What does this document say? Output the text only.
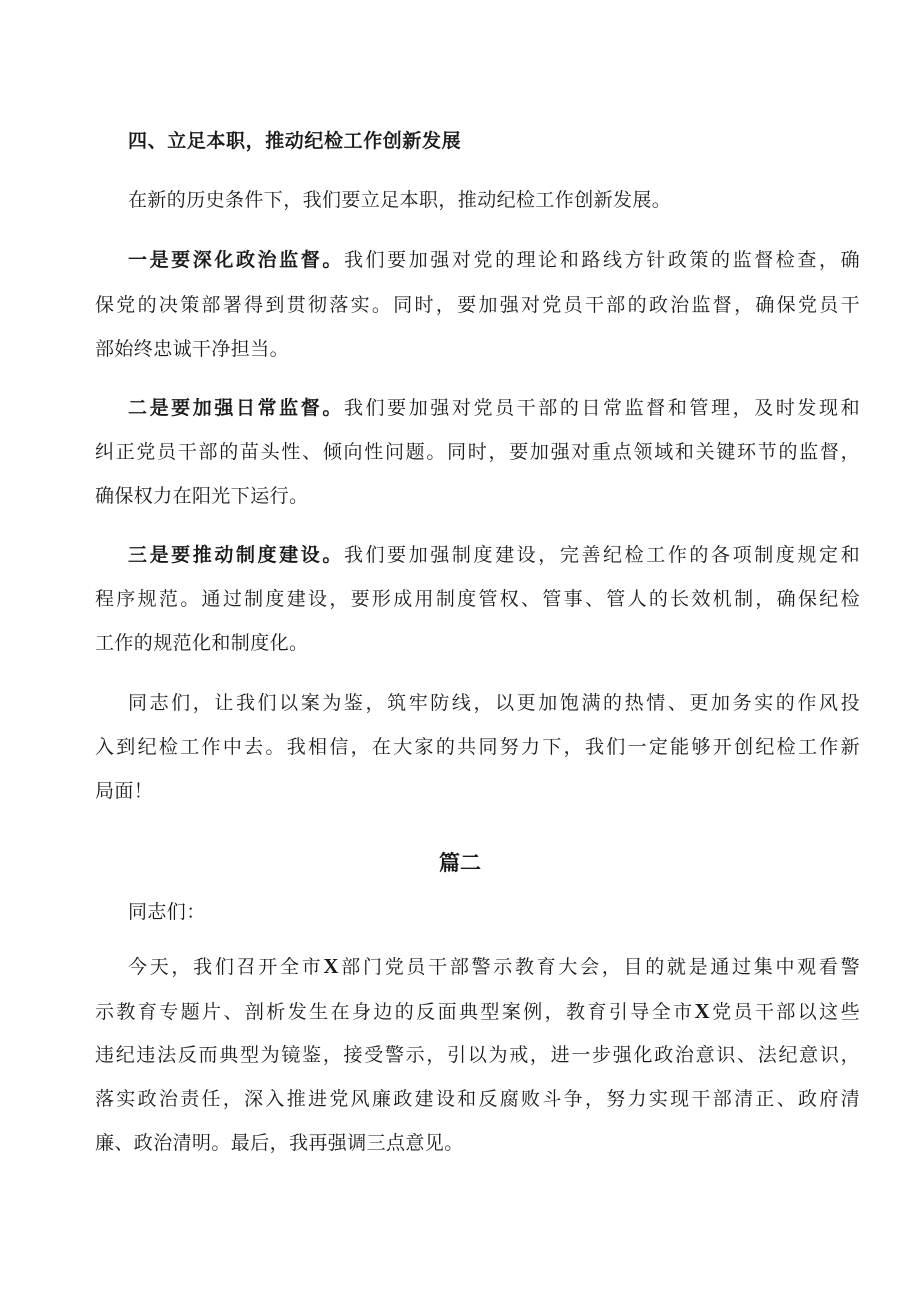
四、立足本职，推动纪检工作创新发展
在新的历史条件下，我们要立足本职，推动纪检工作创新发展。
一是要深化政治监督。我们要加强对党的理论和路线方针政策的监督检查，确
保党的决策部署得到贯彻落实。同时，要加强对党员干部的政治监督，确保党员干
部始终忠诚干净担当。
二是要加强日常监督。我们要加强对党员干部的日常监督和管理，及时发现和
纠正党员干部的苗头性、倾向性问题。同时，要加强对重点领域和关键环节的监督，
确保权力在阳光下运行。
三是要推动制度建设。我们要加强制度建设，完善纪检工作的各项制度规定和
程序规范。通过制度建设，要形成用制度管权、管事、管人的长效机制，确保纪检
工作的规范化和制度化。
同志们，让我们以案为鉴，筑牢防线，以更加饱满的热情、更加务实的作风投
入到纪检工作中去。我相信，在大家的共同努力下，我们一定能够开创纪检工作新
局面！
篇二
同志们：
今天，我们召开全市X部门党员干部警示教育大会，目的就是通过集中观看警
示教育专题片、剖析发生在身边的反面典型案例，教育引导全市X党员干部以这些
违纪违法反而典型为镜鉴，接受警示，引以为戒，进一步强化政治意识、法纪意识，
落实政治责任，深入推进党风廉政建设和反腐败斗争，努力实现干部清正、政府清
廉、政治清明。最后，我再强调三点意见。
